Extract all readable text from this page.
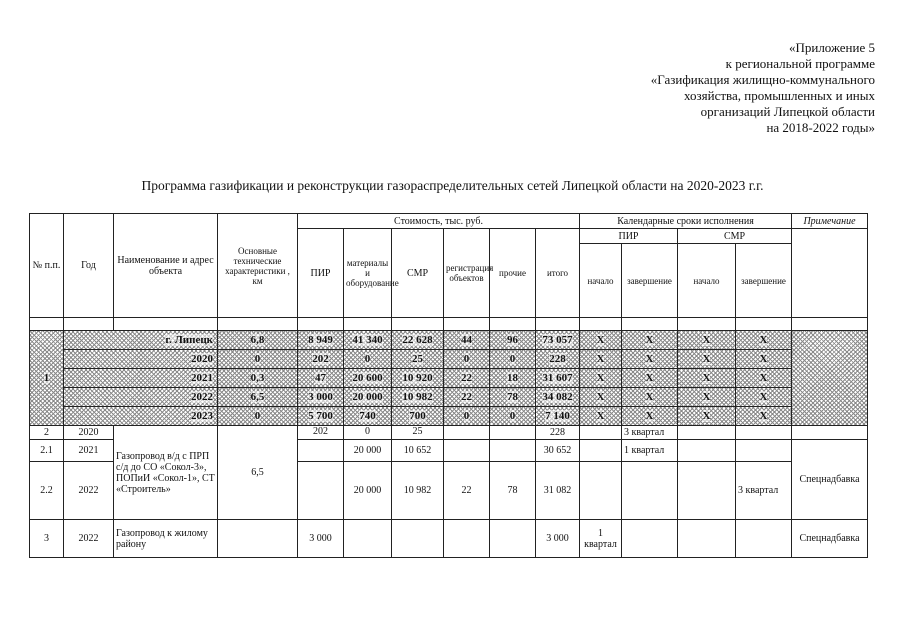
«Приложение 5
к региональной программе
«Газификация жилищно-коммунального
хозяйства, промышленных и иных
организаций Липецкой области
на 2018-2022 годы»
Программа газификации и реконструкции газораспределительных сетей Липецкой области на 2020-2023 г.г.
№ п.п.	Год	Наименование и адрес объекта	Основные технические характеристики , км	Стоимость, тыс. руб.						Календарные сроки исполнения				Примечание
				ПИР	материалы и оборудование	СМР	регистрация объектов	прочие	итого	ПИР		СМР		
										начало	завершение	начало	завершение	

1	г. Липецк		6,8	8 949	41 340	22 628	44	96	73 057	X	X	X	X	
	2020		0	202	0	25	0	0	228	X	X	X	X	
	2021		0,3	47	20 600	10 920	22	18	31 607	X	X	X	X	
	2022		6,5	3 000	20 000	10 982	22	78	34 082	X	X	X	X	
	2023		0	5 700	740	700	0	0	7 140	X	X	X	X	
2	2020	Газопровод в/д с ПРП с/д до СО «Сокол-3», ПОПиИ «Сокол-1», СТ «Строитель»	6,5	202	0	25			228		3 квартал			
2.1	2021				20 000	10 652			30 652		1 квартал			Спецнадбавка
2.2	2022				20 000	10 982	22	78	31 082				3 квартал	
3	2022	Газопровод к жилому району		3 000					3 000	1 квартал				Спецнадбавка
